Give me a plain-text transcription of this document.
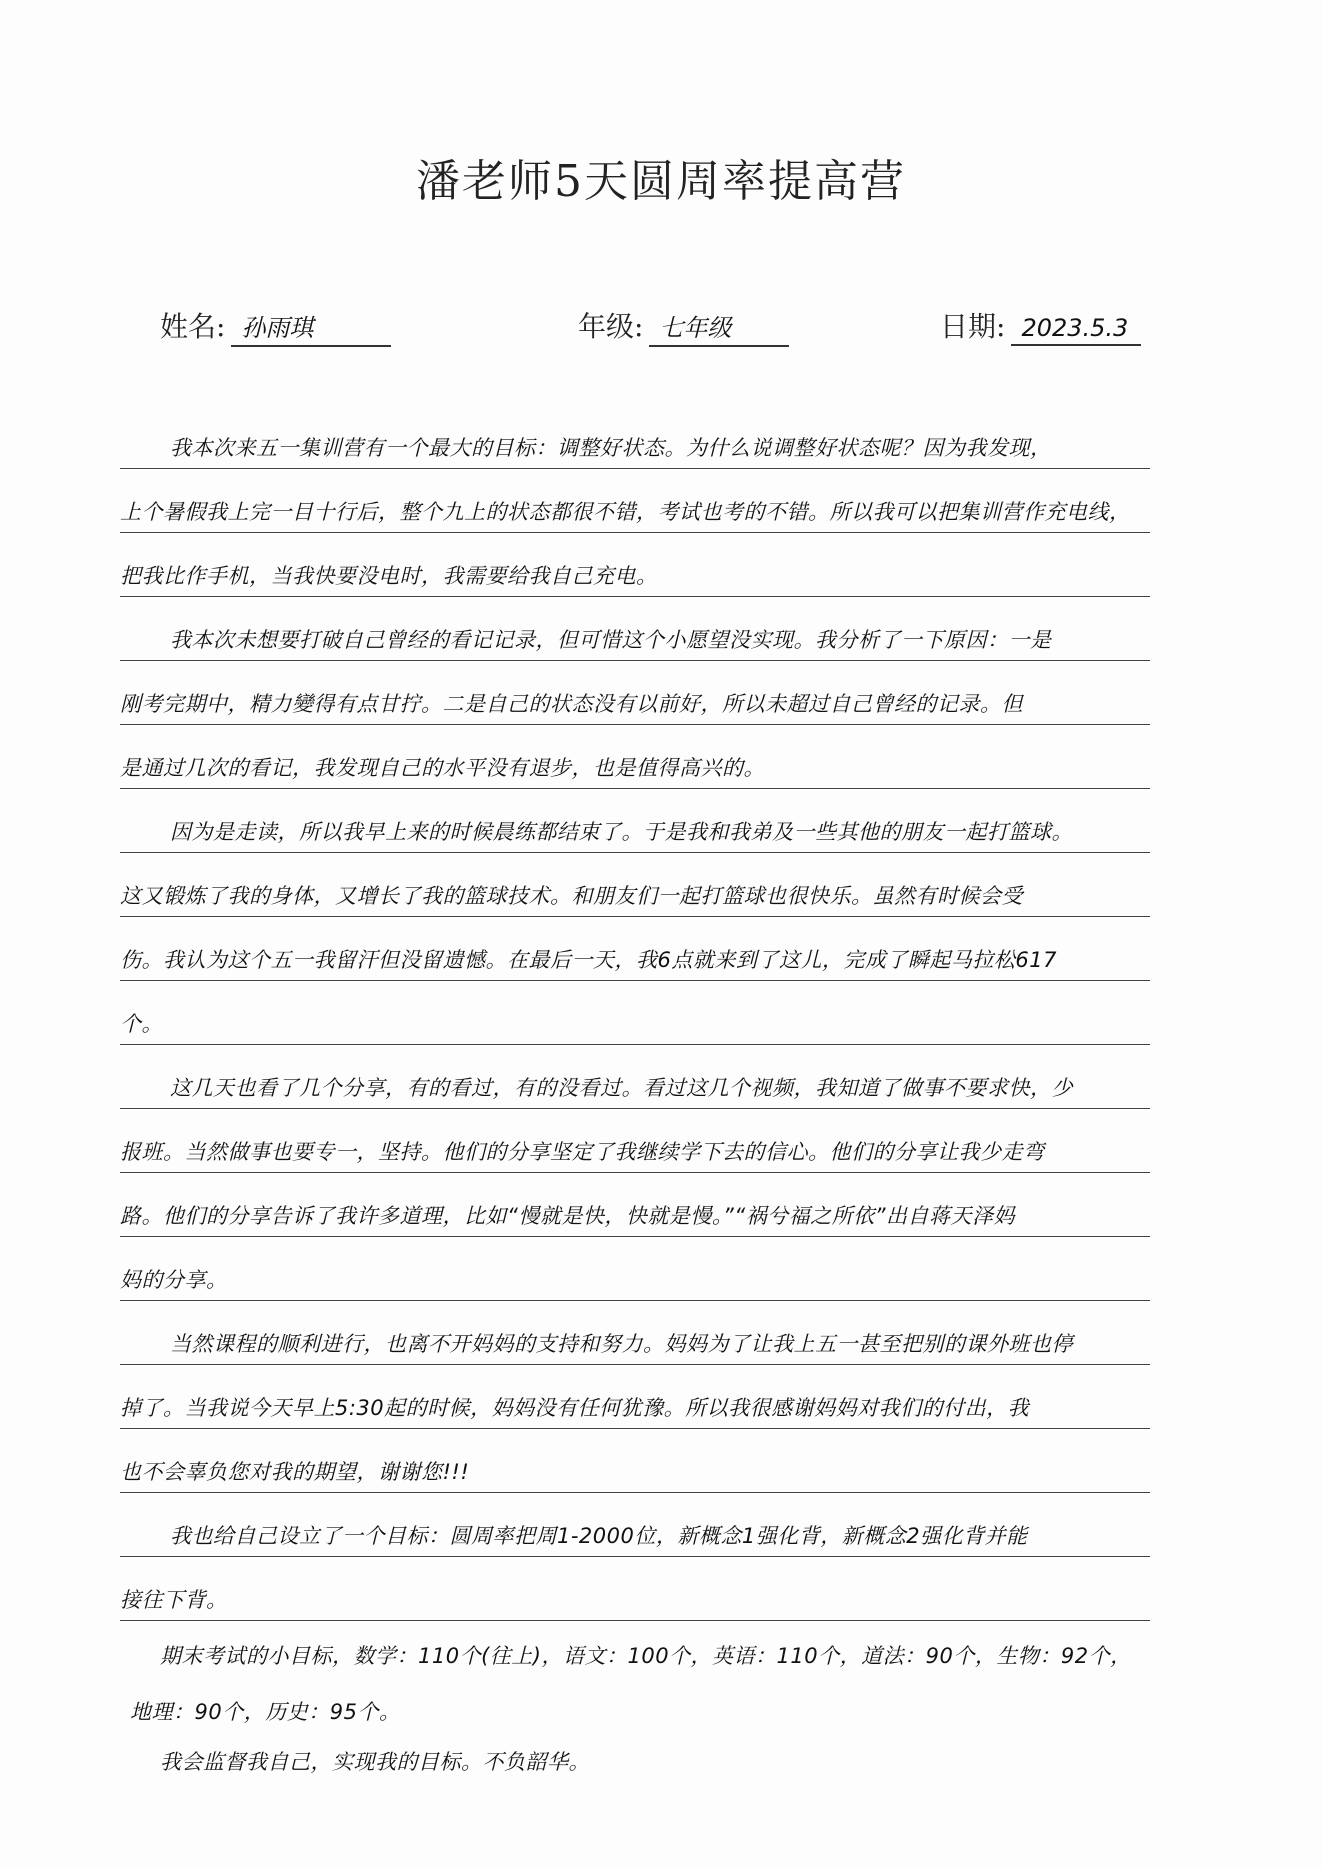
潘老师5天圆周率提高营
姓名: 孙雨琪	年级: 七年级	日期: 2023.5.3
我本次来五一集训营有一个最大的目标：调整好状态。为什么说调整好状态呢？因为我发现，
上个暑假我上完一目十行后，整个九上的状态都很不错，考试也考的不错。所以我可以把集训营作充电线，
把我比作手机，当我快要没电时，我需要给我自己充电。
我本次未想要打破自己曾经的看记记录，但可惜这个小愿望没实现。我分析了一下原因：一是
刚考完期中，精力變得有点甘拧。二是自己的状态没有以前好，所以未超过自己曾经的记录。但
是通过几次的看记，我发现自己的水平没有退步，也是值得高兴的。
因为是走读，所以我早上来的时候晨练都结束了。于是我和我弟及一些其他的朋友一起打篮球。
这又锻炼了我的身体，又增长了我的篮球技术。和朋友们一起打篮球也很快乐。虽然有时候会受
伤。我认为这个五一我留汗但没留遗憾。在最后一天，我6点就来到了这儿，完成了瞬起马拉松617
个。
这几天也看了几个分享，有的看过，有的没看过。看过这几个视频，我知道了做事不要求快，少
报班。当然做事也要专一，坚持。他们的分享坚定了我继续学下去的信心。他们的分享让我少走弯
路。他们的分享告诉了我许多道理，比如“慢就是快，快就是慢。”“祸兮福之所依”出自蒋天泽妈
妈的分享。
当然课程的顺利进行，也离不开妈妈的支持和努力。妈妈为了让我上五一甚至把别的课外班也停
掉了。当我说今天早上5:30起的时候，妈妈没有任何犹豫。所以我很感谢妈妈对我们的付出，我
也不会辜负您对我的期望，谢谢您!!!
我也给自己设立了一个目标：圆周率把周1-2000位，新概念1强化背，新概念2强化背并能
接往下背。
期末考试的小目标，数学：110个(往上)，语文：100个，英语：110个，道法：90个，生物：92个，
地理：90个，历史：95个。
我会监督我自己，实现我的目标。不负韶华。
